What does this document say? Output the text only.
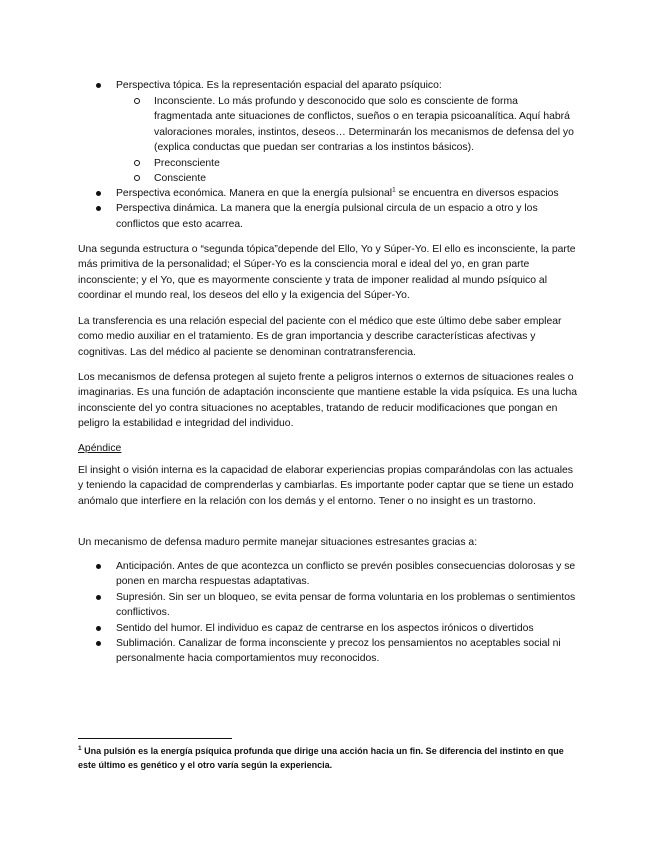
Perspectiva tópica. Es la representación espacial del aparato psíquico:
Inconsciente. Lo más profundo y desconocido que solo es consciente de forma fragmentada ante situaciones de conflictos, sueños o en terapia psicoanalítica. Aquí habrá valoraciones morales, instintos, deseos… Determinarán los mecanismos de defensa del yo (explica conductas que puedan ser contrarias a los instintos básicos).
Preconsciente
Consciente
Perspectiva económica. Manera en que la energía pulsional$^1$ se encuentra en diversos espacios
Perspectiva dinámica. La manera que la energía pulsional circula de un espacio a otro y los conflictos que esto acarrea.

Una segunda estructura o “segunda tópica”depende del Ello, Yo y Súper-Yo. El ello es inconsciente, la parte más primitiva de la personalidad; el Súper-Yo es la consciencia moral e ideal del yo, en gran parte inconsciente; y el Yo, que es mayormente consciente y trata de imponer realidad al mundo psíquico al coordinar el mundo real, los deseos del ello y la exigencia del Súper-Yo.

La transferencia es una relación especial del paciente con el médico que este último debe saber emplear como medio auxiliar en el tratamiento. Es de gran importancia y describe características afectivas y cognitivas. Las del médico al paciente se denominan contratransferencia.

Los mecanismos de defensa protegen al sujeto frente a peligros internos o externos de situaciones reales o imaginarias. Es una función de adaptación inconsciente que mantiene estable la vida psíquica. Es una lucha inconsciente del yo contra situaciones no aceptables, tratando de reducir modificaciones que pongan en peligro la estabilidad e integridad del individuo.

Apéndice

El insight o visión interna es la capacidad de elaborar experiencias propias comparándolas con las actuales y teniendo la capacidad de comprenderlas y cambiarlas. Es importante poder captar que se tiene un estado anómalo que interfiere en la relación con los demás y el entorno. Tener o no insight es un trastorno.

Un mecanismo de defensa maduro permite manejar situaciones estresantes gracias a:

Anticipación. Antes de que acontezca un conflicto se prevén posibles consecuencias dolorosas y se ponen en marcha respuestas adaptativas.
Supresión. Sin ser un bloqueo, se evita pensar de forma voluntaria en los problemas o sentimientos conflictivos.
Sentido del humor. El individuo es capaz de centrarse en los aspectos irónicos o divertidos
Sublimación. Canalizar de forma inconsciente y precoz los pensamientos no aceptables social ni personalmente hacia comportamientos muy reconocidos.

$^1$ Una pulsión es la energía psíquica profunda que dirige una acción hacia un fin. Se diferencia del instinto en que este último es genético y el otro varía según la experiencia.
